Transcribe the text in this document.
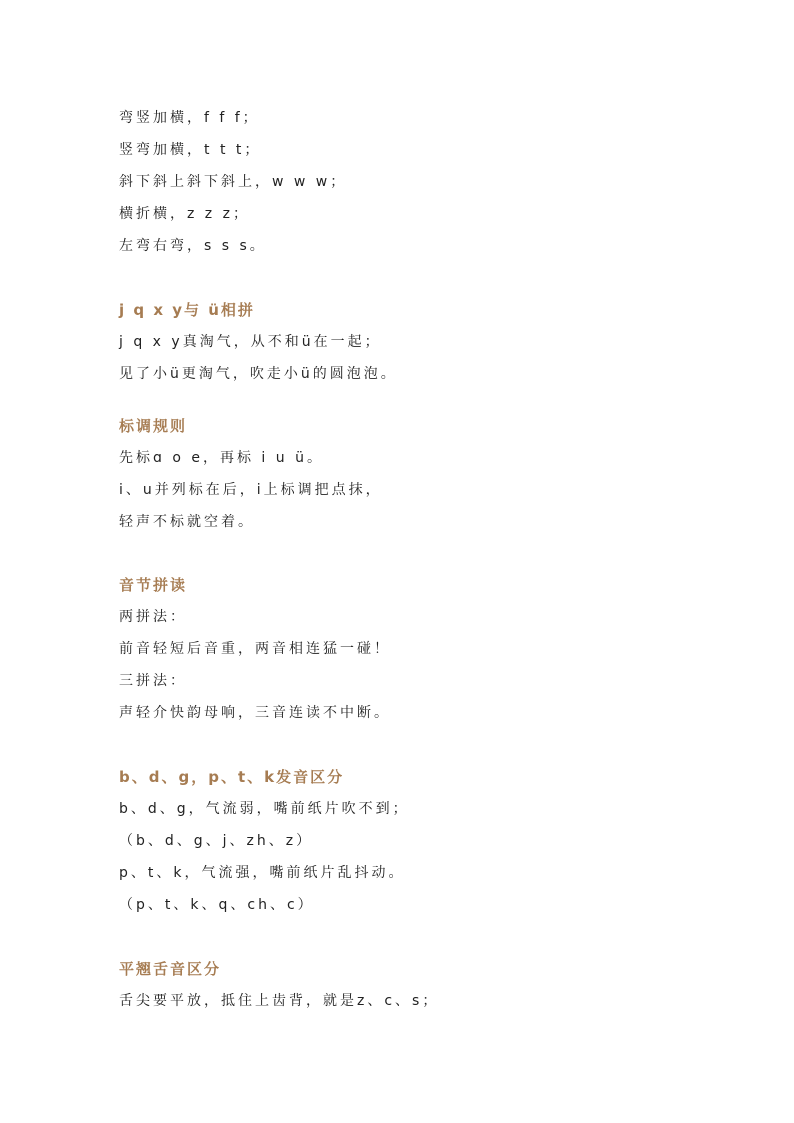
弯竖加横，f f f；
竖弯加横，t t t；
斜下斜上斜下斜上，w w w；
横折横，z z z；
左弯右弯，s s s。
j q x y与 ü相拼
j q x y真淘气，从不和ü在一起；
见了小ü更淘气，吹走小ü的圆泡泡。
标调规则
先标ɑ o e，再标 i u ü。
i、u并列标在后，i上标调把点抹，
轻声不标就空着。
音节拼读
两拼法：
前音轻短后音重，两音相连猛一碰！
三拼法：
声轻介快韵母响，三音连读不中断。
b、d、g，p、t、k发音区分
b、d、g，气流弱，嘴前纸片吹不到；
（b、d、g、j、zh、z）
p、t、k，气流强，嘴前纸片乱抖动。
（p、t、k、q、ch、c）
平翘舌音区分
舌尖要平放，抵住上齿背，就是z、c、s；
